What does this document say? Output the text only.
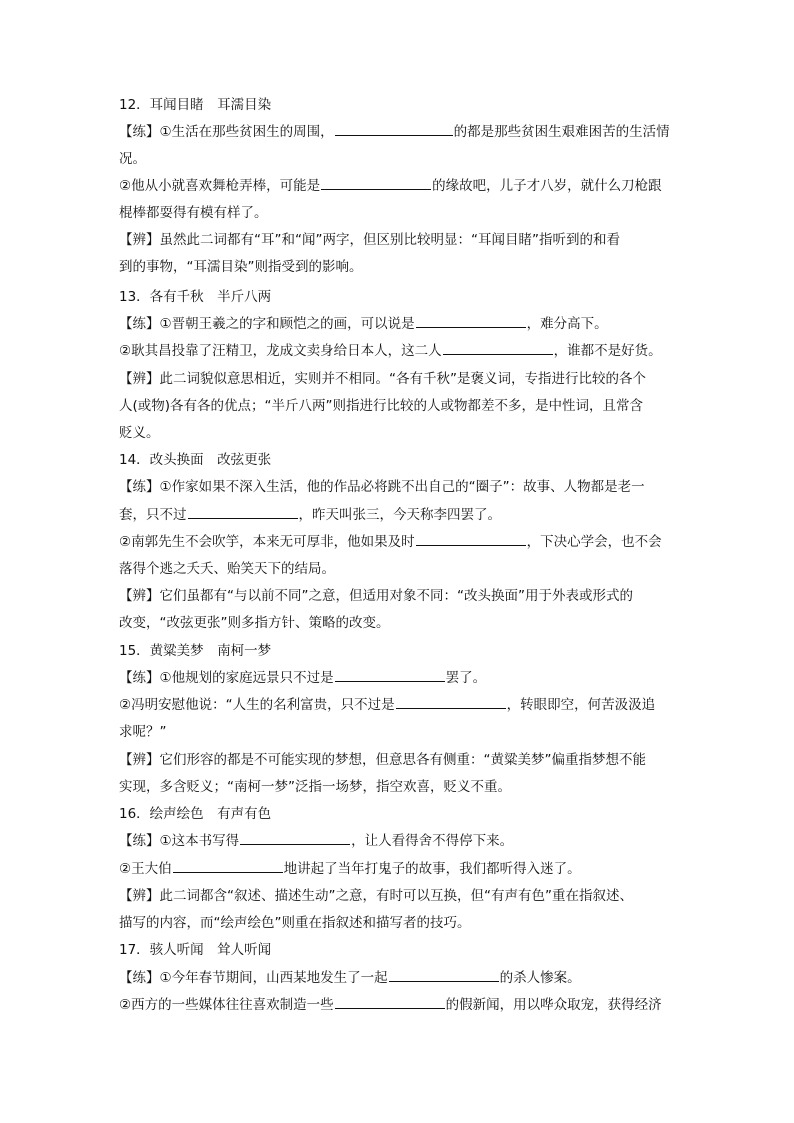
12．耳闻目睹　耳濡目染
【练】①生活在那些贫困生的周围，	的都是那些贫困生艰难困苦的生活情
况。
②他从小就喜欢舞枪弄棒，可能是	的缘故吧，儿子才八岁，就什么刀枪跟
棍棒都耍得有模有样了。
【辨】虽然此二词都有“耳”和“闻”两字，但区别比较明显：“耳闻目睹”指听到的和看
到的事物，“耳濡目染”则指受到的影响。
13．各有千秋　半斤八两
【练】①晋朝王羲之的字和顾恺之的画，可以说是	，难分高下。
②耿其昌投靠了汪精卫，龙成文卖身给日本人，这二人	，谁都不是好货。
【辨】此二词貌似意思相近，实则并不相同。“各有千秋”是褒义词，专指进行比较的各个
人(或物)各有各的优点；“半斤八两”则指进行比较的人或物都差不多，是中性词，且常含
贬义。
14．改头换面　改弦更张
【练】①作家如果不深入生活，他的作品必将跳不出自己的“圈子”：故事、人物都是老一
套，只不过	，昨天叫张三，今天称李四罢了。
②南郭先生不会吹竽，本来无可厚非，他如果及时	，下决心学会，也不会
落得个逃之夭夭、贻笑天下的结局。
【辨】它们虽都有“与以前不同”之意，但适用对象不同：“改头换面”用于外表或形式的
改变，“改弦更张”则多指方针、策略的改变。
15．黄粱美梦　南柯一梦
【练】①他规划的家庭远景只不过是	罢了。
②冯明安慰他说：“人生的名利富贵，只不过是	，转眼即空，何苦汲汲追
求呢？”
【辨】它们形容的都是不可能实现的梦想，但意思各有侧重：“黄粱美梦”偏重指梦想不能
实现，多含贬义；“南柯一梦”泛指一场梦，指空欢喜，贬义不重。
16．绘声绘色　有声有色
【练】①这本书写得	，让人看得舍不得停下来。
②王大伯	地讲起了当年打鬼子的故事，我们都听得入迷了。
【辨】此二词都含“叙述、描述生动”之意，有时可以互换，但“有声有色”重在指叙述、
描写的内容，而“绘声绘色”则重在指叙述和描写者的技巧。
17．骇人听闻　耸人听闻
【练】①今年春节期间，山西某地发生了一起	的杀人惨案。
②西方的一些媒体往往喜欢制造一些	的假新闻，用以哗众取宠，获得经济
